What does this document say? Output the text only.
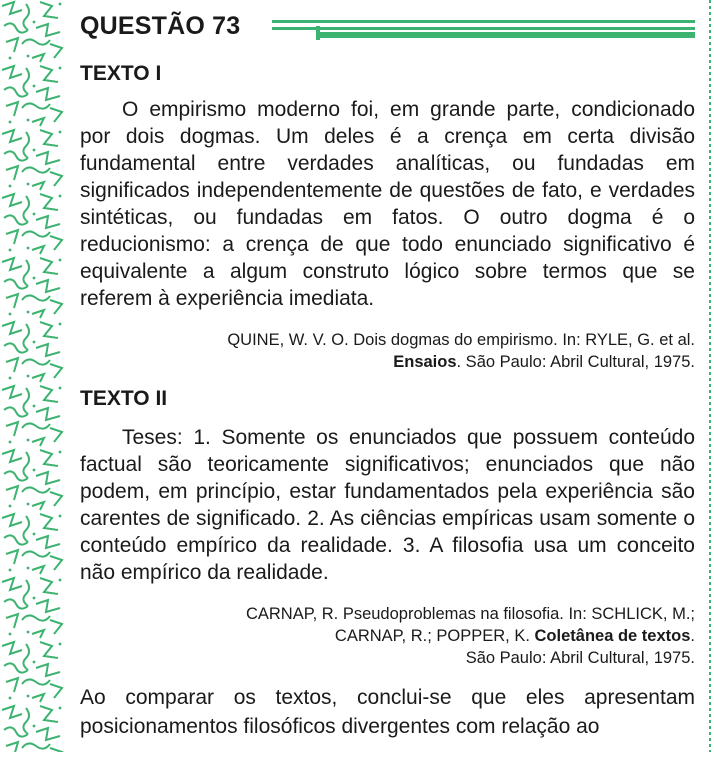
QUESTÃO 73
TEXTO I
O empirismo moderno foi, em grande parte, condicionado por dois dogmas. Um deles é a crença em certa divisão fundamental entre verdades analíticas, ou fundadas em significados independentemente de questões de fato, e verdades sintéticas, ou fundadas em fatos. O outro dogma é o reducionismo: a crença de que todo enunciado significativo é equivalente a algum construto lógico sobre termos que se referem à experiência imediata.
QUINE, W. V. O. Dois dogmas do empirismo. In: RYLE, G. et al.
Ensaios. São Paulo: Abril Cultural, 1975.
TEXTO II
Teses: 1. Somente os enunciados que possuem conteúdo factual são teoricamente significativos; enunciados que não podem, em princípio, estar fundamentados pela experiência são carentes de significado. 2. As ciências empíricas usam somente o conteúdo empírico da realidade. 3. A filosofia usa um conceito não empírico da realidade.
CARNAP, R. Pseudoproblemas na filosofia. In: SCHLICK, M.;
CARNAP, R.; POPPER, K. Coletânea de textos.
São Paulo: Abril Cultural, 1975.
Ao comparar os textos, conclui-se que eles apresentam posicionamentos filosóficos divergentes com relação ao
